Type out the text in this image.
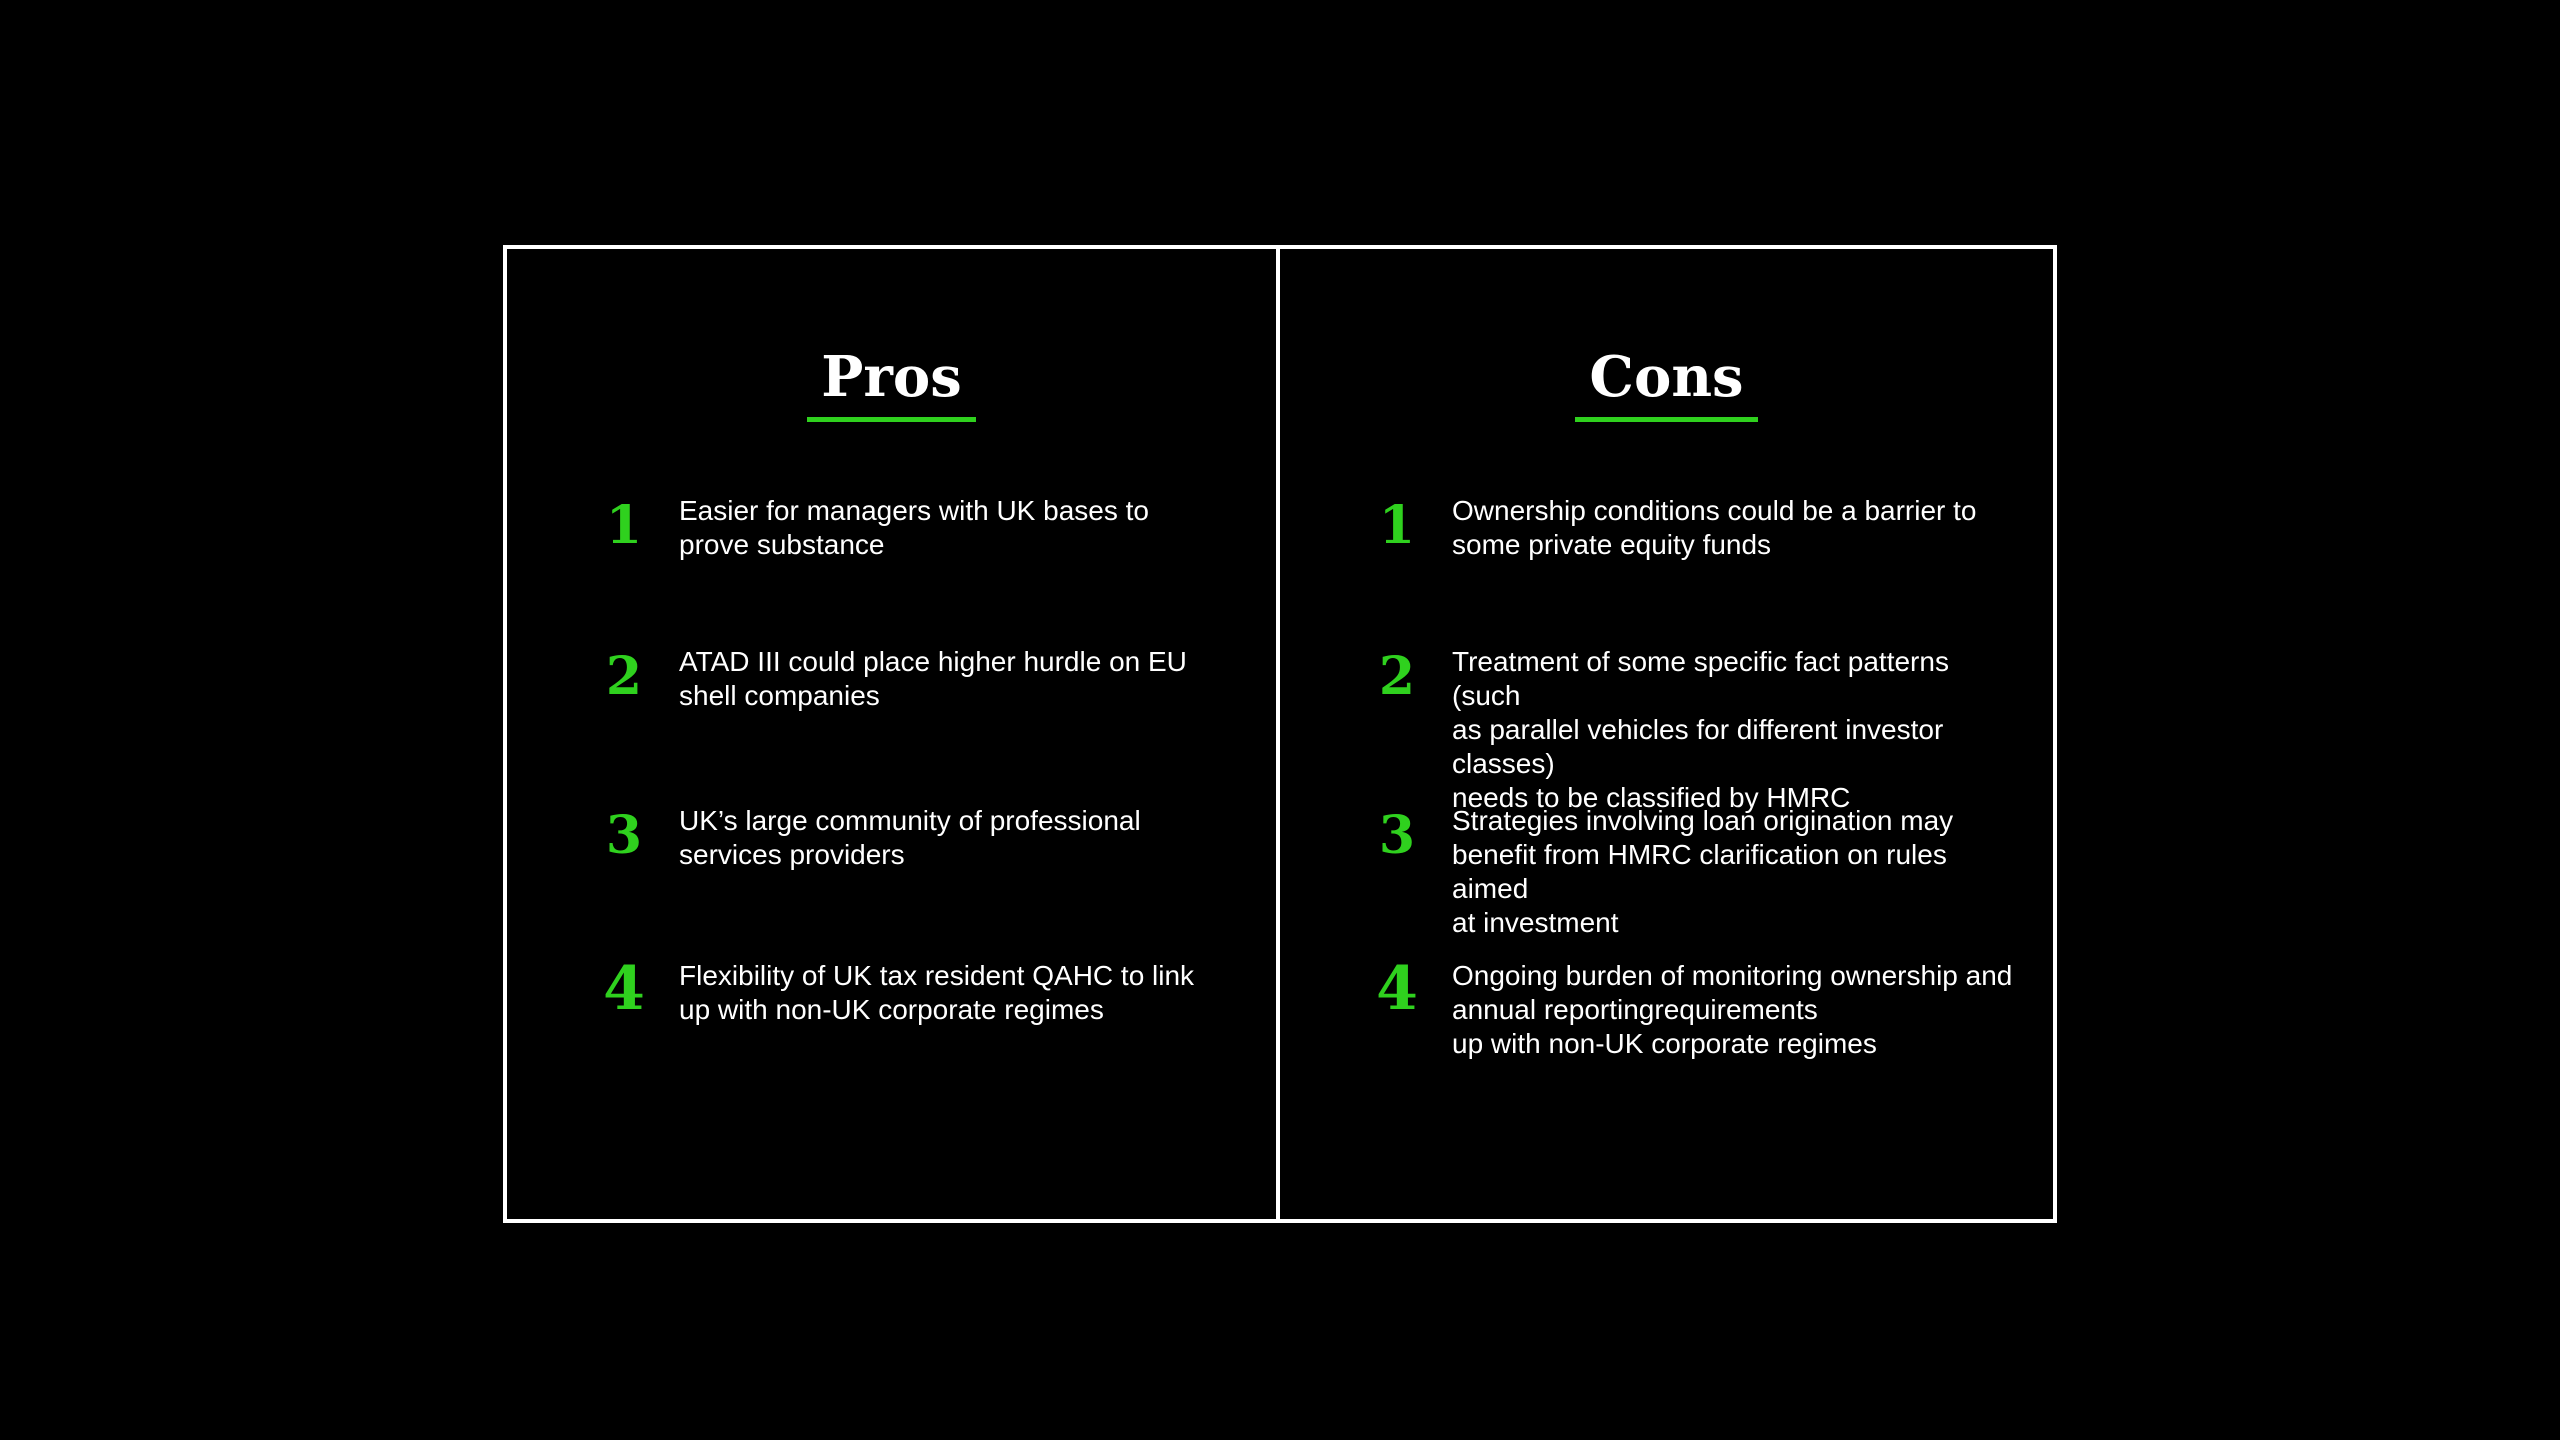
Pros
1	Easier for managers with UK bases to
prove substance
2	ATAD III could place higher hurdle on EU
shell companies
3	UK’s large community of professional
services providers
4	Flexibility of UK tax resident QAHC to link
up with non-UK corporate regimes
Cons
1	Ownership conditions could be a barrier to
some private equity funds
2	Treatment of some specific fact patterns (such
as parallel vehicles for different investor classes)
needs to be classified by HMRC
3	Strategies involving loan origination may
benefit from HMRC clarification on rules aimed
at investment
4	Ongoing burden of monitoring ownership and
annual reportingrequirements
up with non-UK corporate regimes
